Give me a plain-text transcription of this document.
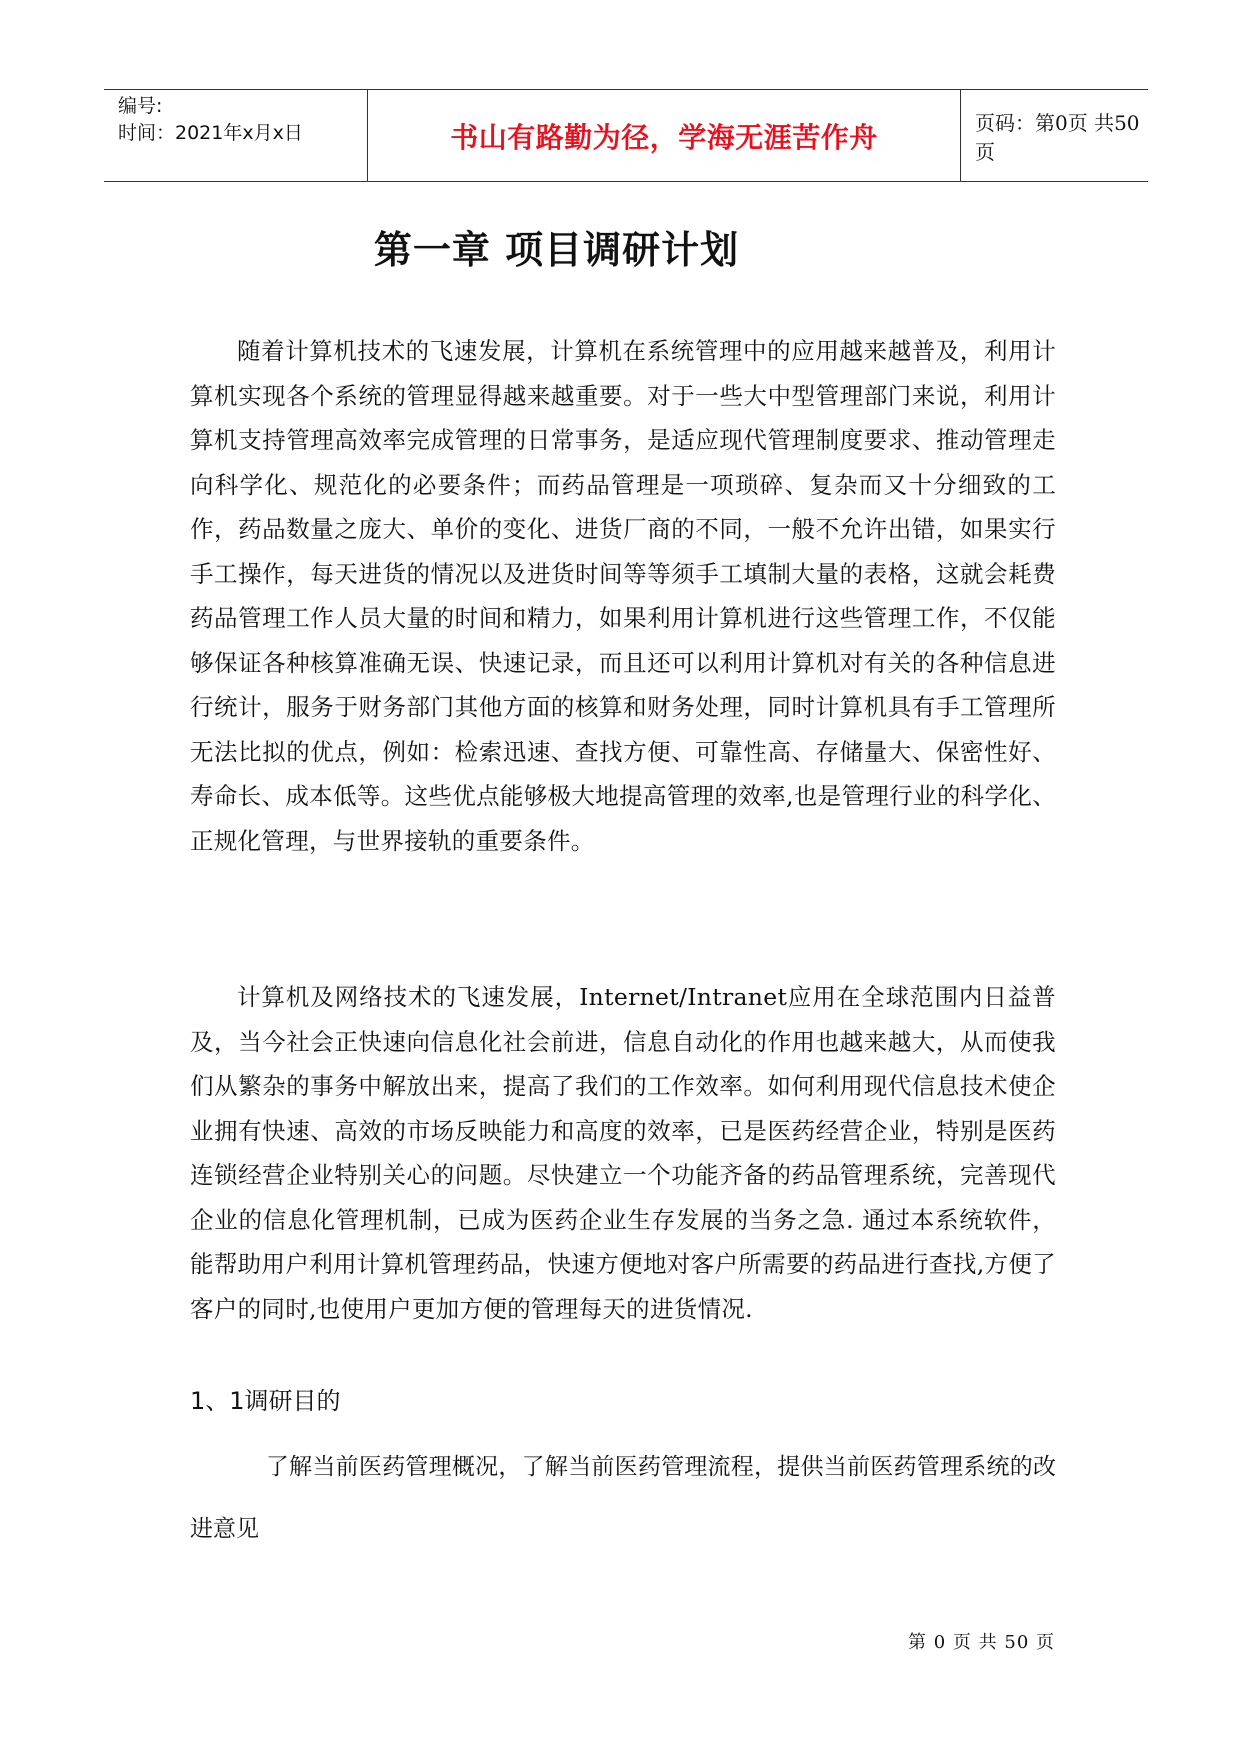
编号:
时间：2021年x月x日	书山有路勤为径，学海无涯苦作舟	页码：第0页 共50页
第一章 项目调研计划

随着计算机技术的飞速发展，计算机在系统管理中的应用越来越普及，利用计算机实现各个系统的管理显得越来越重要。对于一些大中型管理部门来说，利用计算机支持管理高效率完成管理的日常事务，是适应现代管理制度要求、推动管理走向科学化、规范化的必要条件；而药品管理是一项琐碎、复杂而又十分细致的工作，药品数量之庞大、单价的变化、进货厂商的不同，一般不允许出错，如果实行手工操作，每天进货的情况以及进货时间等等须手工填制大量的表格，这就会耗费药品管理工作人员大量的时间和精力，如果利用计算机进行这些管理工作，不仅能够保证各种核算准确无误、快速记录，而且还可以利用计算机对有关的各种信息进行统计，服务于财务部门其他方面的核算和财务处理，同时计算机具有手工管理所无法比拟的优点，例如：检索迅速、查找方便、可靠性高、存储量大、保密性好、寿命长、成本低等。这些优点能够极大地提高管理的效率,也是管理行业的科学化、正规化管理，与世界接轨的重要条件。

计算机及网络技术的飞速发展，Internet/Intranet应用在全球范围内日益普及，当今社会正快速向信息化社会前进，信息自动化的作用也越来越大，从而使我们从繁杂的事务中解放出来，提高了我们的工作效率。如何利用现代信息技术使企业拥有快速、高效的市场反映能力和高度的效率，已是医药经营企业，特别是医药连锁经营企业特别关心的问题。尽快建立一个功能齐备的药品管理系统，完善现代企业的信息化管理机制，已成为医药企业生存发展的当务之急. 通过本系统软件，能帮助用户利用计算机管理药品，快速方便地对客户所需要的药品进行查找,方便了客户的同时,也使用户更加方便的管理每天的进货情况.

1、1调研目的

了解当前医药管理概况，了解当前医药管理流程，提供当前医药管理系统的改进意见

第 0 页 共 50 页
